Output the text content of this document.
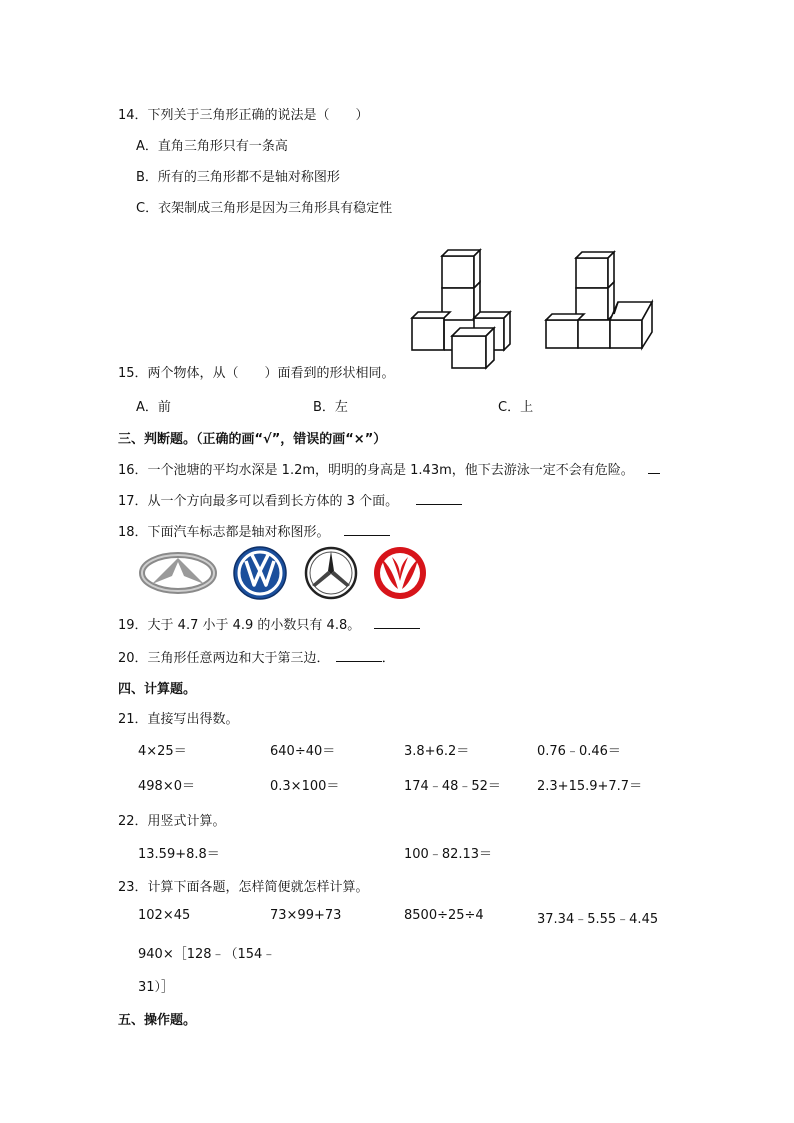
14．下列关于三角形正确的说法是（　　）
A．直角三角形只有一条高
B．所有的三角形都不是轴对称图形
C．衣架制成三角形是因为三角形具有稳定性
15．两个物体，从（　　）面看到的形状相同。
A．前	B．左	C．上
三、判断题。（正确的画“√”，错误的画“×”）
16．一个池塘的平均水深是 1.2m，明明的身高是 1.43m，他下去游泳一定不会有危险。
17．从一个方向最多可以看到长方体的 3 个面。
18．下面汽车标志都是轴对称图形。
19．大于 4.7 小于 4.9 的小数只有 4.8。
20．三角形任意两边和大于第三边．	．
四、计算题。
21．直接写出得数。
4×25＝	640÷40＝	3.8+6.2＝	0.76﹣0.46＝
498×0＝	0.3×100＝	174﹣48﹣52＝	2.3+15.9+7.7＝
22．用竖式计算。
13.59+8.8＝	100﹣82.13＝
23．计算下面各题，怎样简便就怎样计算。
102×45	73×99+73	8500÷25÷4	37.34﹣5.55﹣4.45
940×［128﹣（154﹣
31）］
五、操作题。
